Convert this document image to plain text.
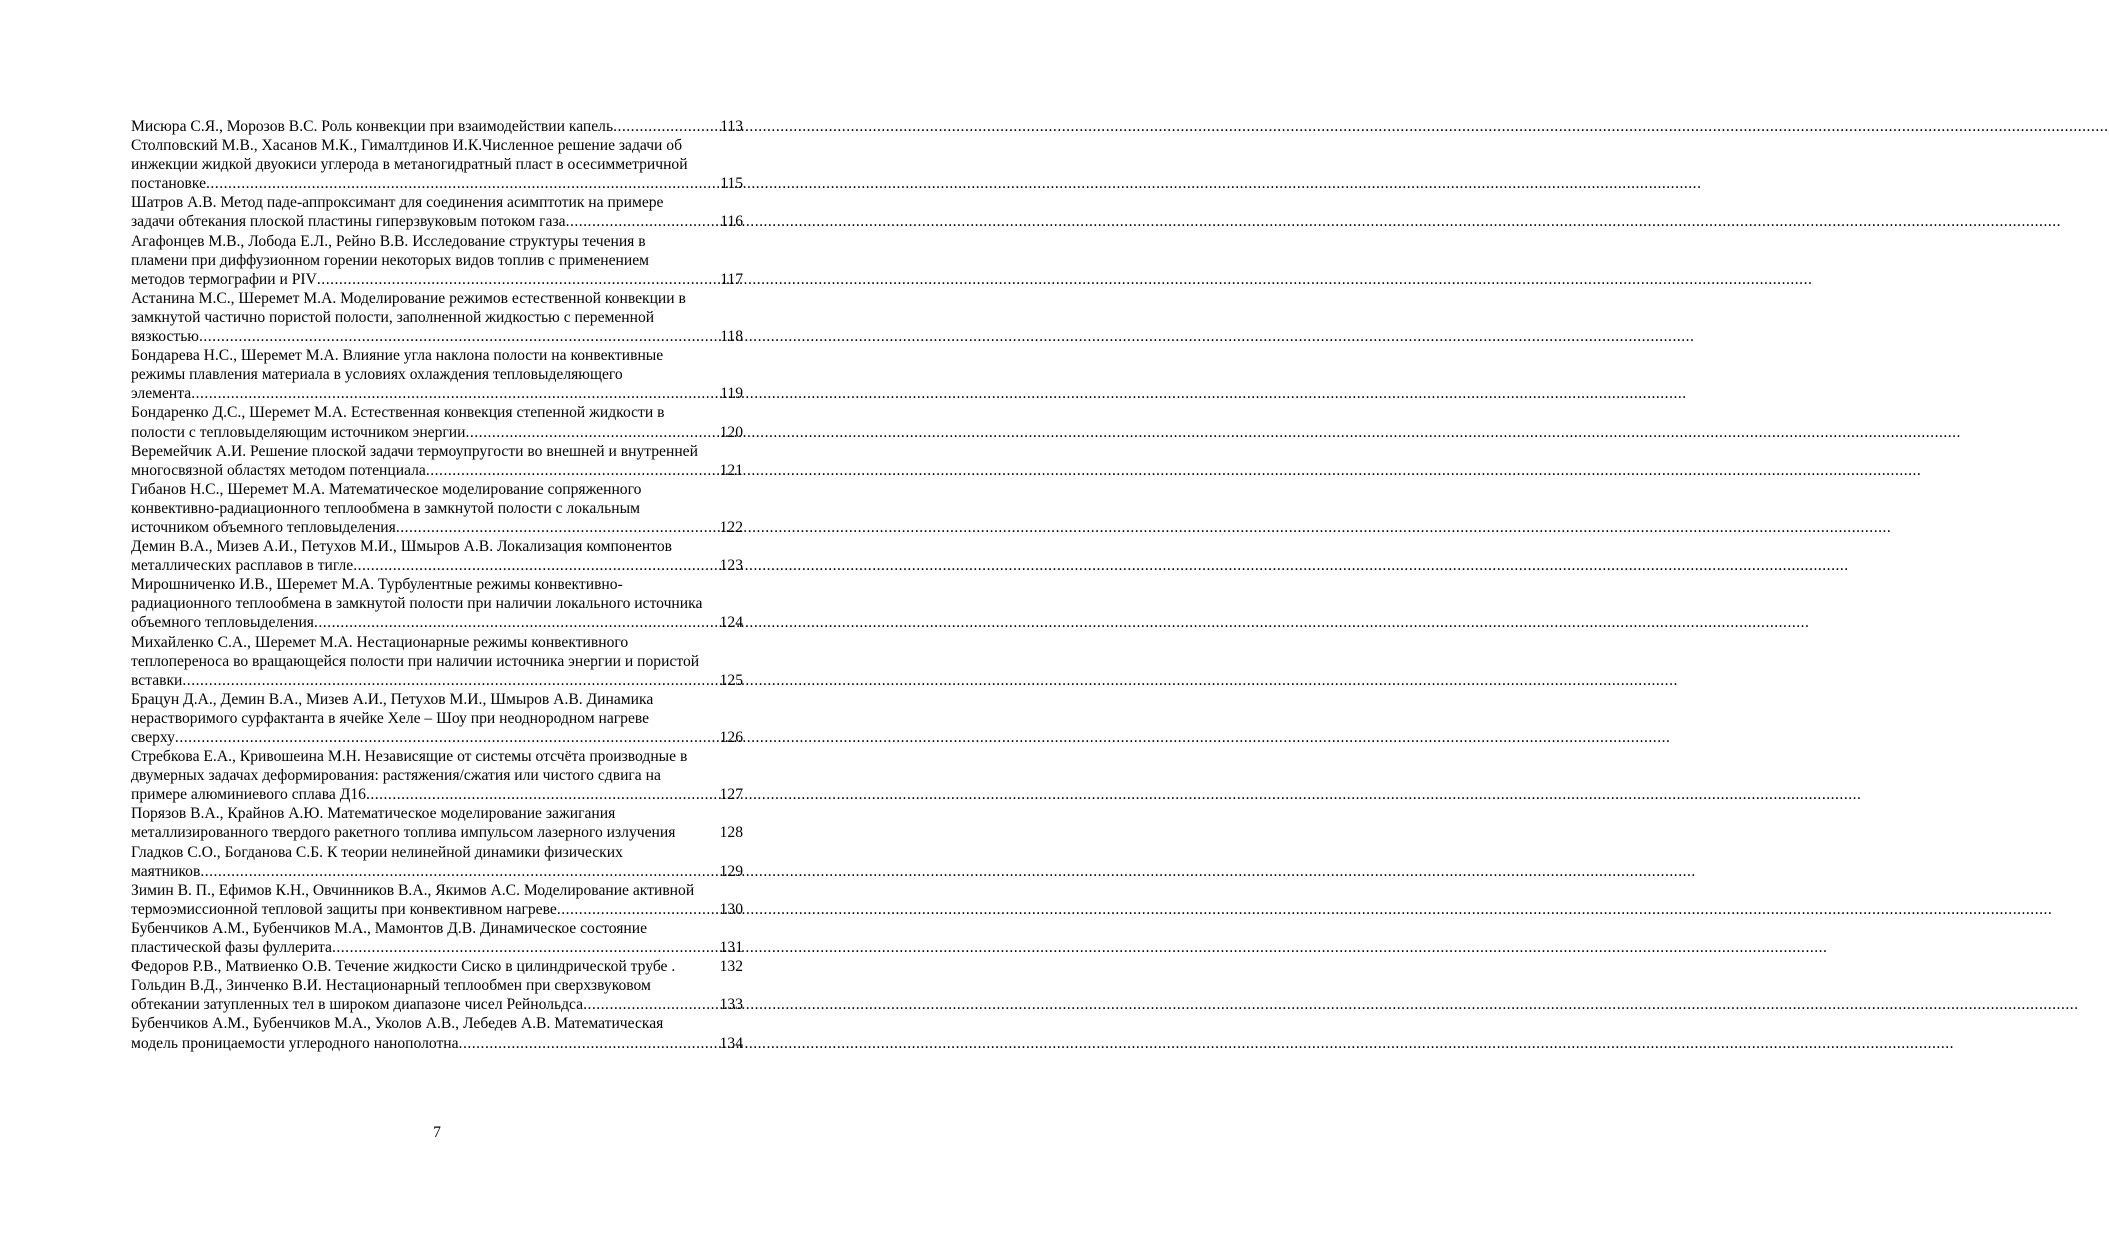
Мисюра С.Я., Морозов В.С. Роль конвекции при взаимодействии капель .....	113
Столповский М.В., Хасанов М.К., Гималтдинов И.К.Численное решение задачи об
инжекции жидкой двуокиси углерода в метаногидратный пласт в осесимметричной
постановке .....	115
Шатров А.В. Метод паде-аппроксимант для соединения асимптотик на примере
задачи обтекания плоской пластины гиперзвуковым потоком газа .....	116
Агафонцев М.В., Лобода Е.Л., Рейно В.В. Исследование структуры течения в
пламени при диффузионном горении некоторых видов топлив с применением
методов термографии и PIV .....	117
Астанина М.С., Шеремет М.А. Моделирование режимов естественной конвекции в
замкнутой частично пористой полости, заполненной жидкостью с переменной
вязкостью .....	118
Бондарева Н.С., Шеремет М.А. Влияние угла наклона полости на конвективные
режимы плавления материала в условиях охлаждения тепловыделяющего
элемента .....	119
Бондаренко Д.С., Шеремет М.А. Естественная конвекция степенной жидкости в
полости с тепловыделяющим источником энергии .....	120
Веремейчик А.И. Решение плоской задачи термоупругости во внешней и внутренней
многосвязной областях методом потенциала .....	121
Гибанов Н.С., Шеремет М.А. Математическое моделирование сопряженного
конвективно-радиационного теплообмена в замкнутой полости с локальным
источником объемного тепловыделения .....	122
Демин В.А., Мизев А.И., Петухов М.И., Шмыров А.В. Локализация компонентов
металлических расплавов в тигле .....	123
Мирошниченко И.В., Шеремет М.А. Турбулентные режимы конвективно-
радиационного теплообмена в замкнутой полости при наличии локального источника
объемного тепловыделения .....	124
Михайленко С.А., Шеремет М.А. Нестационарные режимы конвективного
теплопереноса во вращающейся полости при наличии источника энергии и пористой
вставки .....	125
Брацун Д.А., Демин В.А., Мизев А.И., Петухов М.И., Шмыров А.В. Динамика
нерастворимого сурфактанта в ячейке Хеле – Шоу при неоднородном нагреве
сверху .....	126
Стребкова Е.А., Кривошеина М.Н. Независящие от системы отсчёта производные в
двумерных задачах деформирования: растяжения/сжатия или чистого сдвига на
примере алюминиевого сплава Д16 .....	127
Порязов В.А., Крайнов А.Ю. Математическое моделирование зажигания
металлизированного твердого ракетного топлива импульсом лазерного излучения	128
Гладков С.О., Богданова С.Б. К теории нелинейной динамики физических
маятников .....	129
Зимин В. П., Ефимов К.Н., Овчинников В.А., Якимов А.С. Моделирование активной
термоэмиссионной тепловой защиты при конвективном нагреве .....	130
Бубенчиков А.М., Бубенчиков М.А., Мамонтов Д.В. Динамическое состояние
пластической фазы фуллерита .....	131
Федоров Р.В., Матвиенко О.В. Течение жидкости Сиско в цилиндрической трубе .	132
Гольдин В.Д., Зинченко В.И. Нестационарный теплообмен при сверхзвуковом
обтекании затупленных тел в широком диапазоне чисел Рейнольдса .....	133
Бубенчиков А.М., Бубенчиков М.А., Уколов А.В., Лебедев А.В. Математическая
модель проницаемости углеродного нанополотна .....	134
7
